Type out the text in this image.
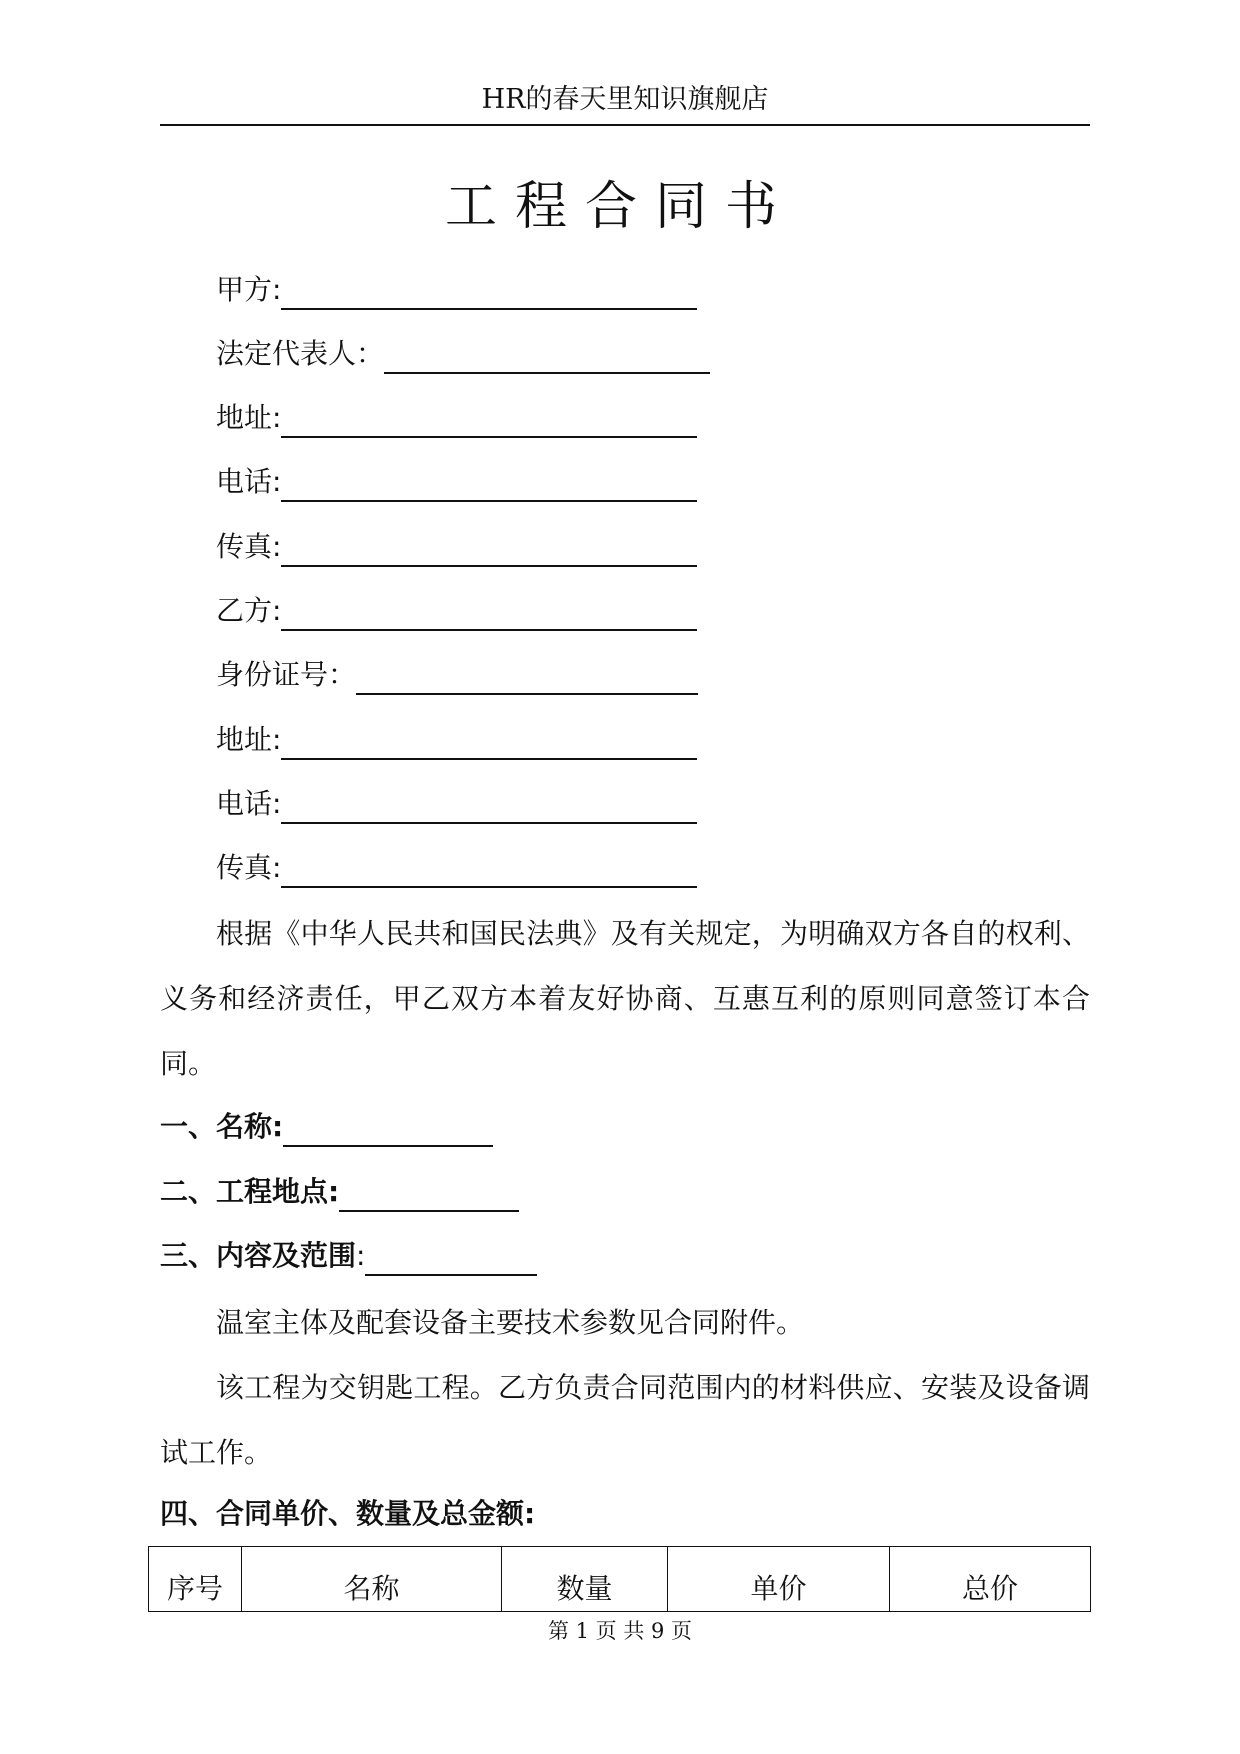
HR的春天里知识旗舰店
工程合同书
甲方:
法定代表人：
地址:
电话:
传真:
乙方:
身份证号：
地址:
电话:
传真:
根据《中华人民共和国民法典》及有关规定，为明确双方各自的权利、义务和经济责任，甲乙双方本着友好协商、互惠互利的原则同意签订本合同。
一、名称:
二、工程地点:
三、内容及范围:
温室主体及配套设备主要技术参数见合同附件。
该工程为交钥匙工程。乙方负责合同范围内的材料供应、安装及设备调试工作。
四、合同单价、数量及总金额:
序号	名称	数量	单价	总价
第 1 页 共 9 页
